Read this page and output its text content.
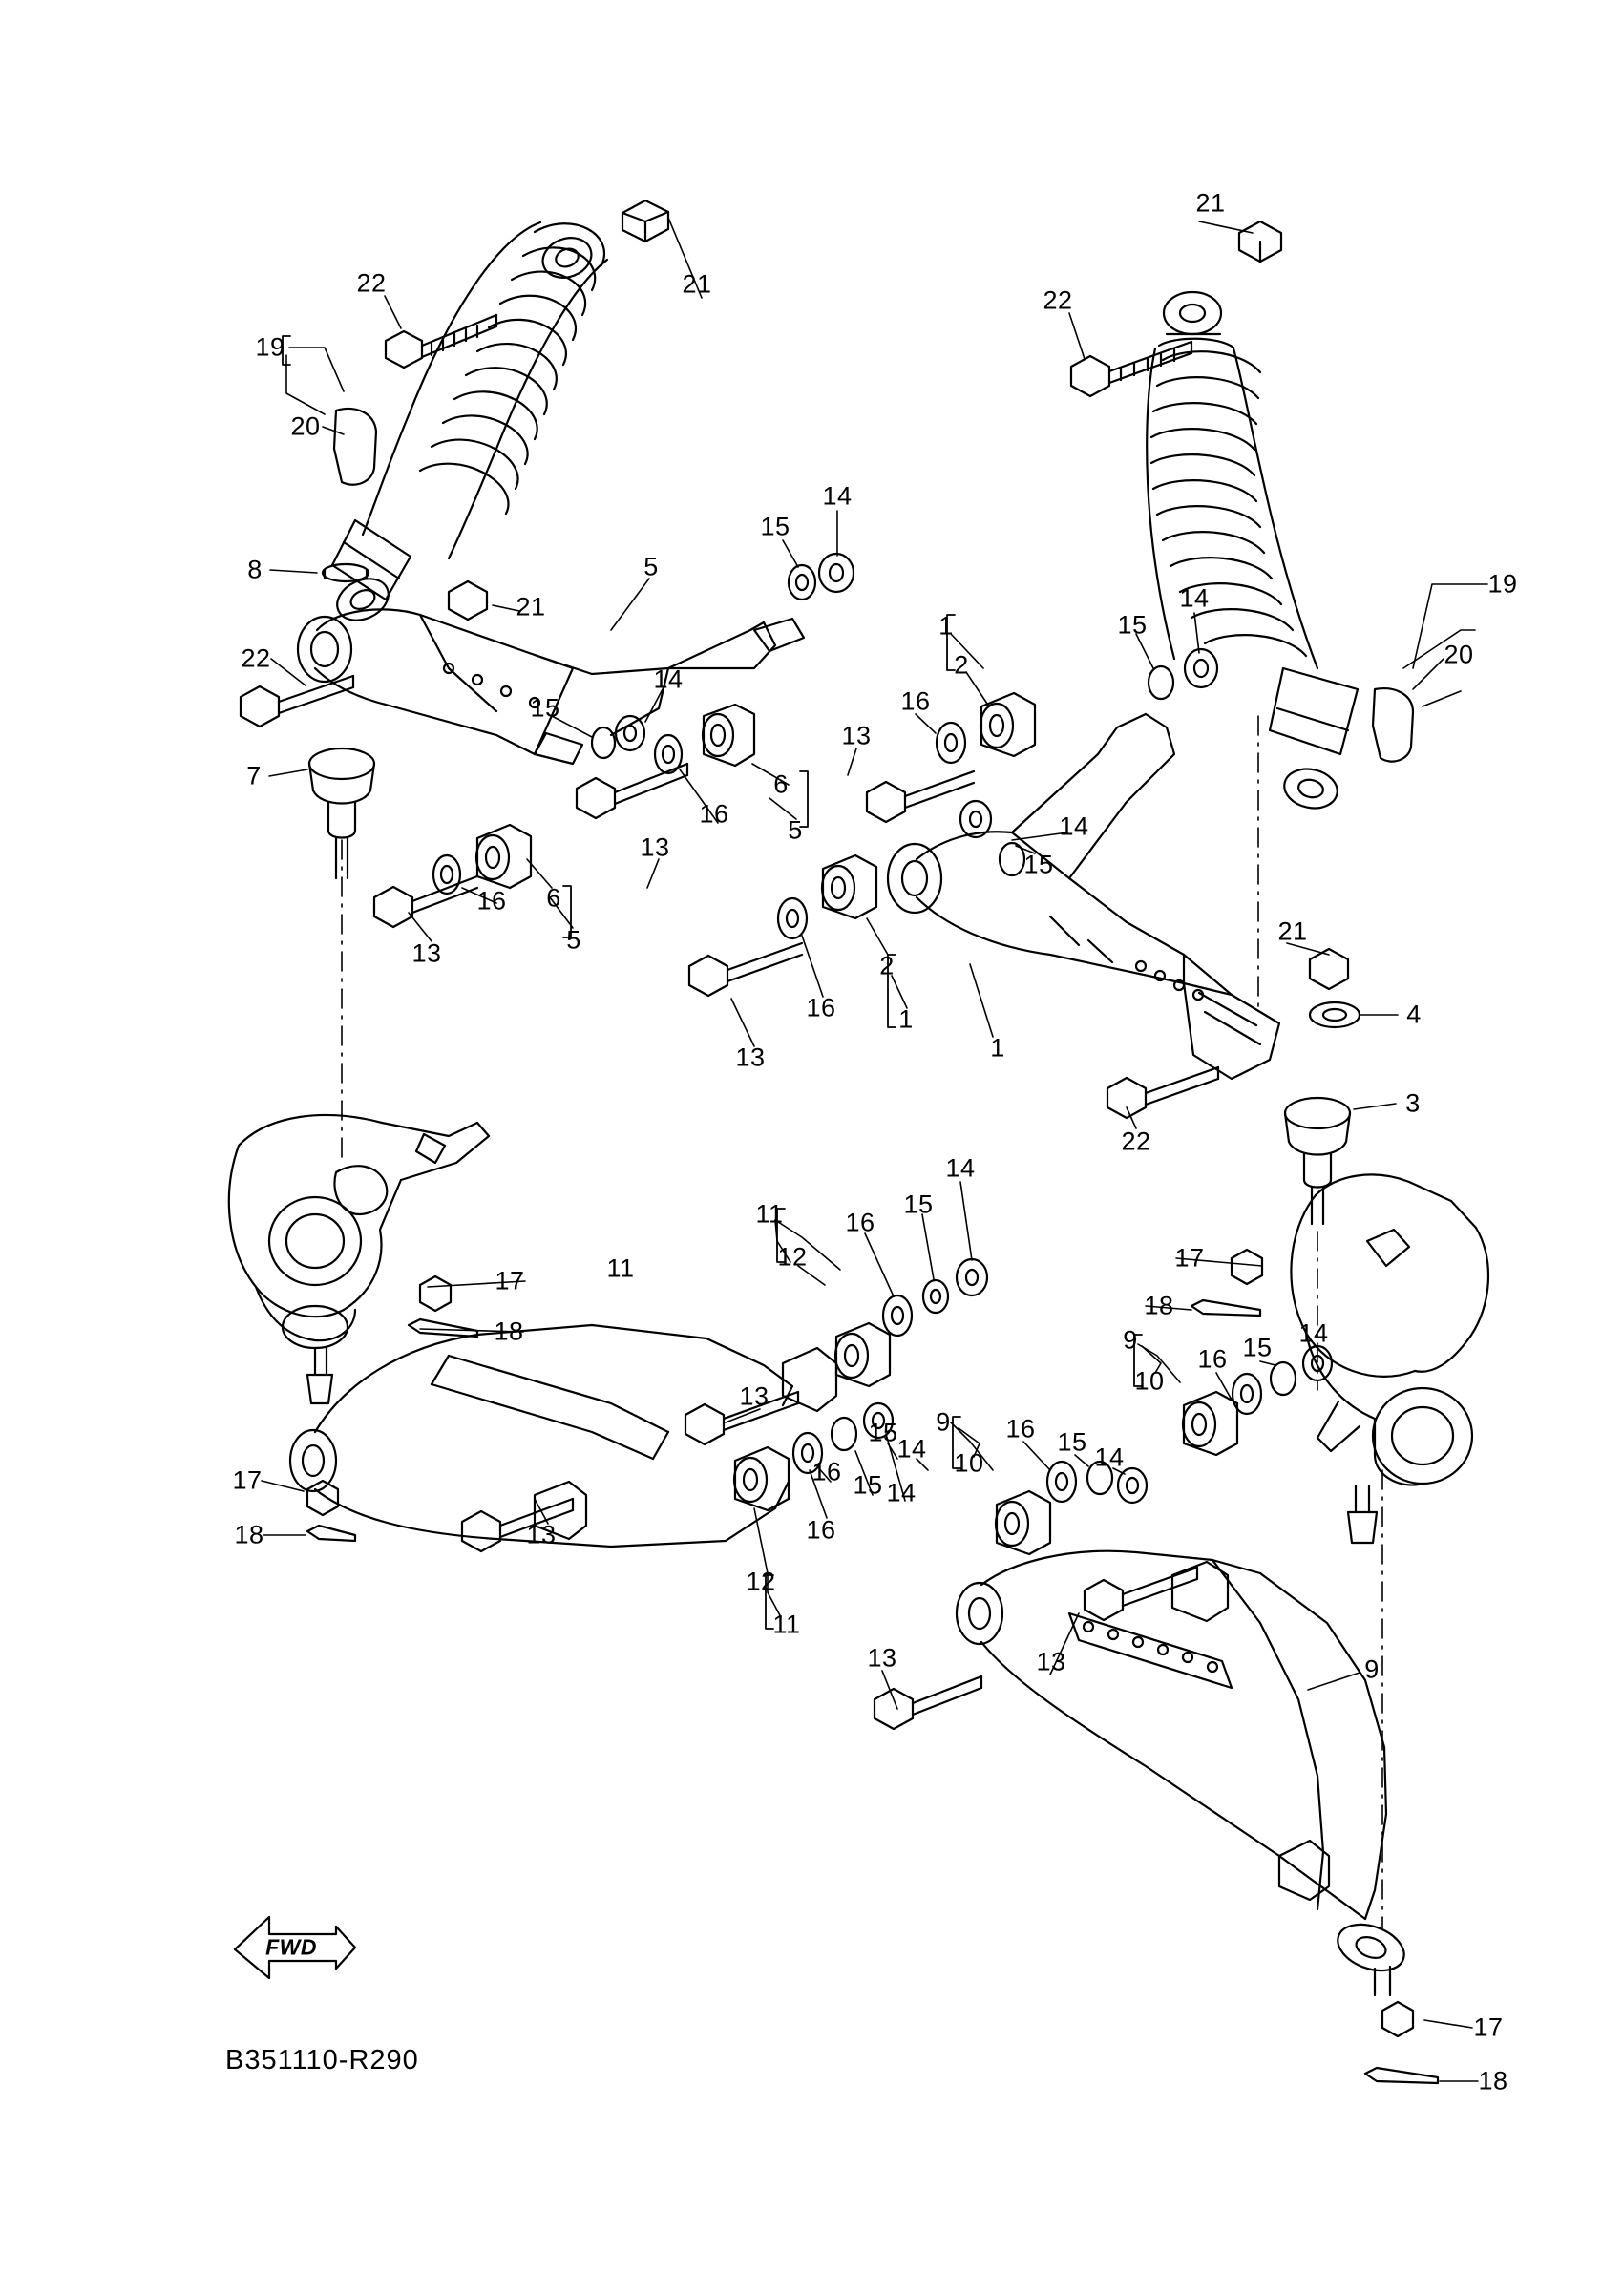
FWD
B351110-R290
21
22	21
22
19
20
14
15
5
8
21	14
1	15
19
2	20
22
14
15	16
13
6
7
14
16
5
15
13
16 6
5
13	2
21
16 1	4
1
13
3
22
14
15
11 16
17
12
17	11
18
18	9
16 15 14
10
13
9
15
14
16 15
14
10
16 15
17	14
18	13	16
12
11
13	13	9
17
18
